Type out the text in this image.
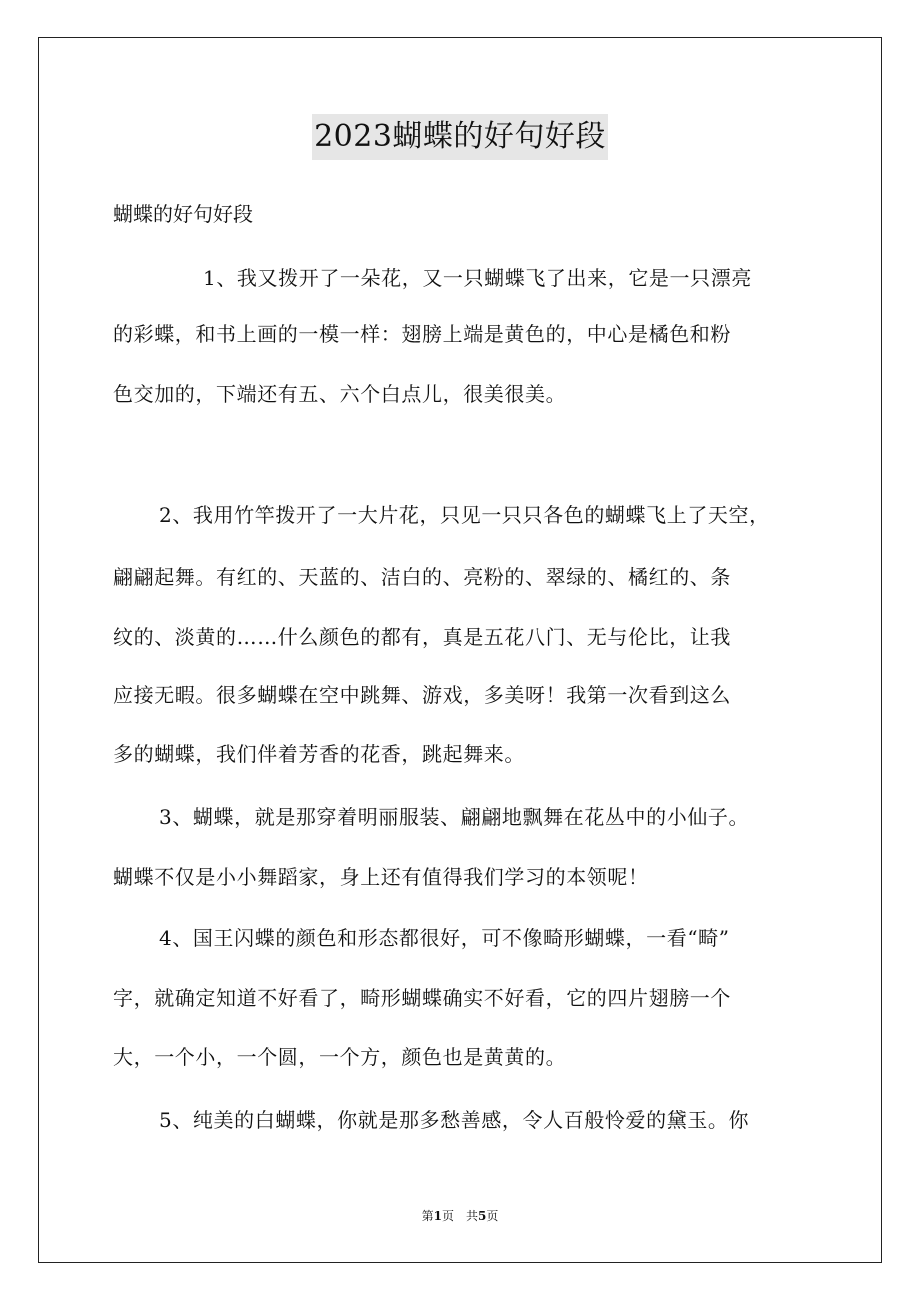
2023蝴蝶的好句好段
蝴蝶的好句好段
1、我又拨开了一朵花，又一只蝴蝶飞了出来，它是一只漂亮
的彩蝶，和书上画的一模一样：翅膀上端是黄色的，中心是橘色和粉
色交加的，下端还有五、六个白点儿，很美很美。
2、我用竹竿拨开了一大片花，只见一只只各色的蝴蝶飞上了天空，
翩翩起舞。有红的、天蓝的、洁白的、亮粉的、翠绿的、橘红的、条
纹的、淡黄的……什么颜色的都有，真是五花八门、无与伦比，让我
应接无暇。很多蝴蝶在空中跳舞、游戏，多美呀！我第一次看到这么
多的蝴蝶，我们伴着芳香的花香，跳起舞来。
3、蝴蝶，就是那穿着明丽服装、翩翩地飘舞在花丛中的小仙子。
蝴蝶不仅是小小舞蹈家，身上还有值得我们学习的本领呢！
4、国王闪蝶的颜色和形态都很好，可不像畸形蝴蝶，一看“畸”
字，就确定知道不好看了，畸形蝴蝶确实不好看，它的四片翅膀一个
大，一个小，一个圆，一个方，颜色也是黄黄的。
5、纯美的白蝴蝶，你就是那多愁善感，令人百般怜爱的黛玉。你
第1页　共5页
